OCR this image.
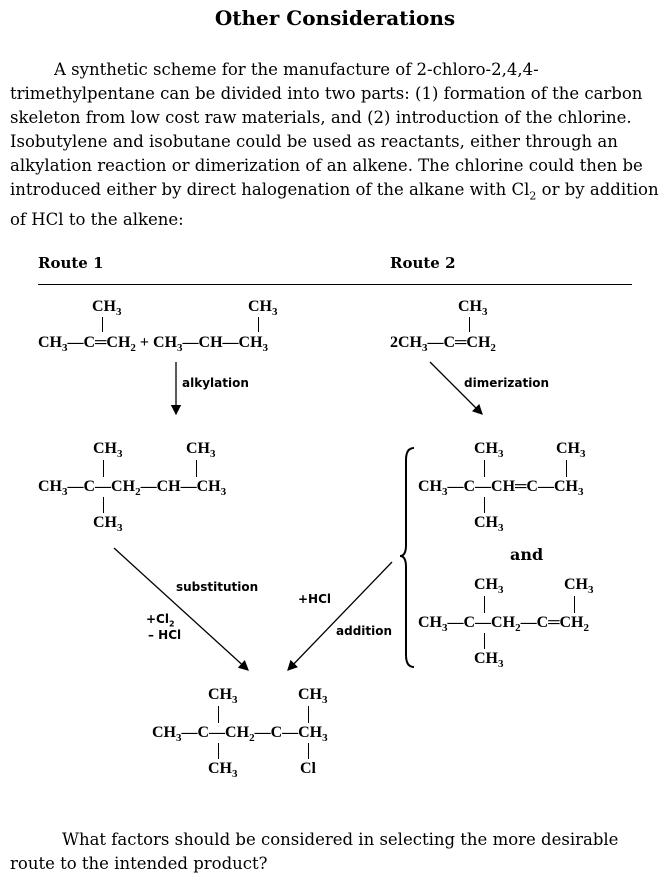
Other Considerations

A synthetic scheme for the manufacture of 2-chloro-2,4,4-trimethylpentane can be divided into two parts: (1) formation of the carbon skeleton from low cost raw materials, and (2) introduction of the chlorine. Isobutylene and isobutane could be used as reactants, either through an alkylation reaction or dimerization of an alkene. The chlorine could then be introduced either by direct halogenation of the alkane with $Cl_2$ or by addition of HCl to the alkene:

Route 1	Route 2
$CH_3$
$CH_3—C═CH_2$ + $CH_3—CH—CH_3$
$CH_3$	$CH_3$
$2CH_3—C═CH_2$
alkylation	dimerization
$CH_3$	$CH_3$
$CH_3—C—CH_2—CH—CH_3$
$CH_3$
$CH_3$	$CH_3$
$CH_3—C—CH═C—CH_3$
$CH_3$
and
$CH_3$	$CH_3$
$CH_3—C—CH_2—C═CH_2$
$CH_3$
substitution
$+Cl_2$
– HCl
+HCl
addition
$CH_3$	$CH_3$
$CH_3—C—CH_2—C—CH_3$
$CH_3$	Cl

What factors should be considered in selecting the more desirable route to the intended product?
